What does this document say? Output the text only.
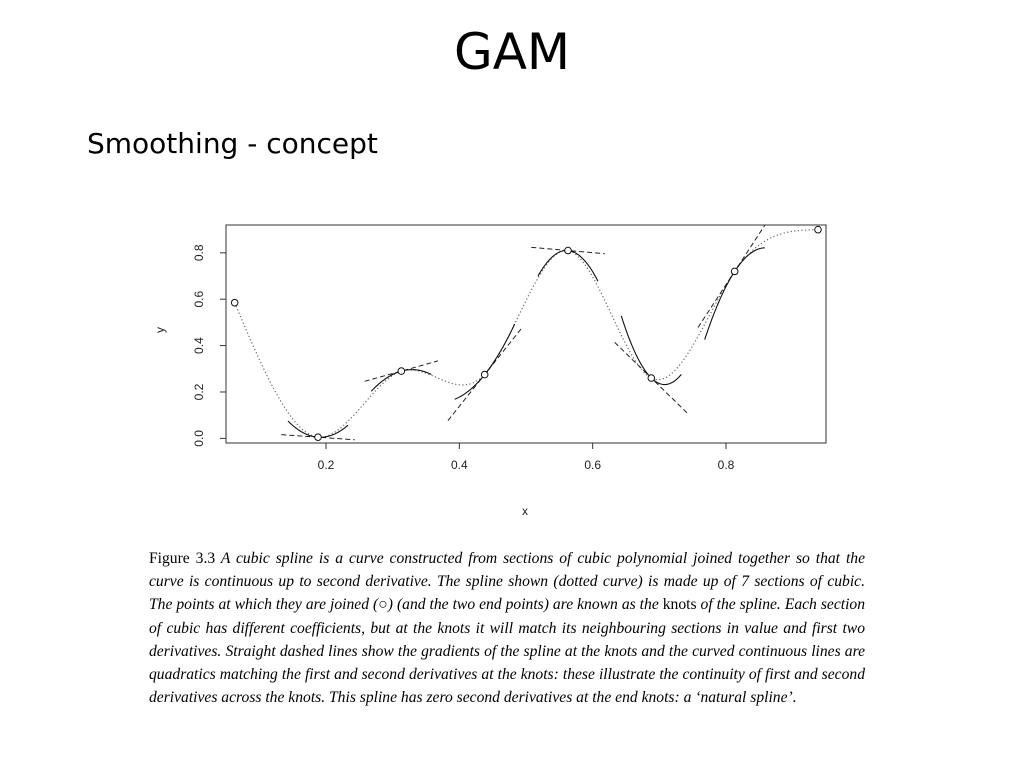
GAM
Smoothing - concept
0.2	0.4	0.6	0.8
0.0
0.2
0.4
0.6
0.8
x
y
Figure 3.3 A cubic spline is a curve constructed from sections of cubic polynomial joined together so that the curve is continuous up to second derivative. The spline shown (dotted curve) is made up of 7 sections of cubic. The points at which they are joined (○) (and the two end points) are known as the knots of the spline. Each section of cubic has different coefficients, but at the knots it will match its neighbouring sections in value and first two derivatives. Straight dashed lines show the gradients of the spline at the knots and the curved continuous lines are quadratics matching the first and second derivatives at the knots: these illustrate the continuity of first and second derivatives across the knots. This spline has zero second derivatives at the end knots: a ‘natural spline’.
